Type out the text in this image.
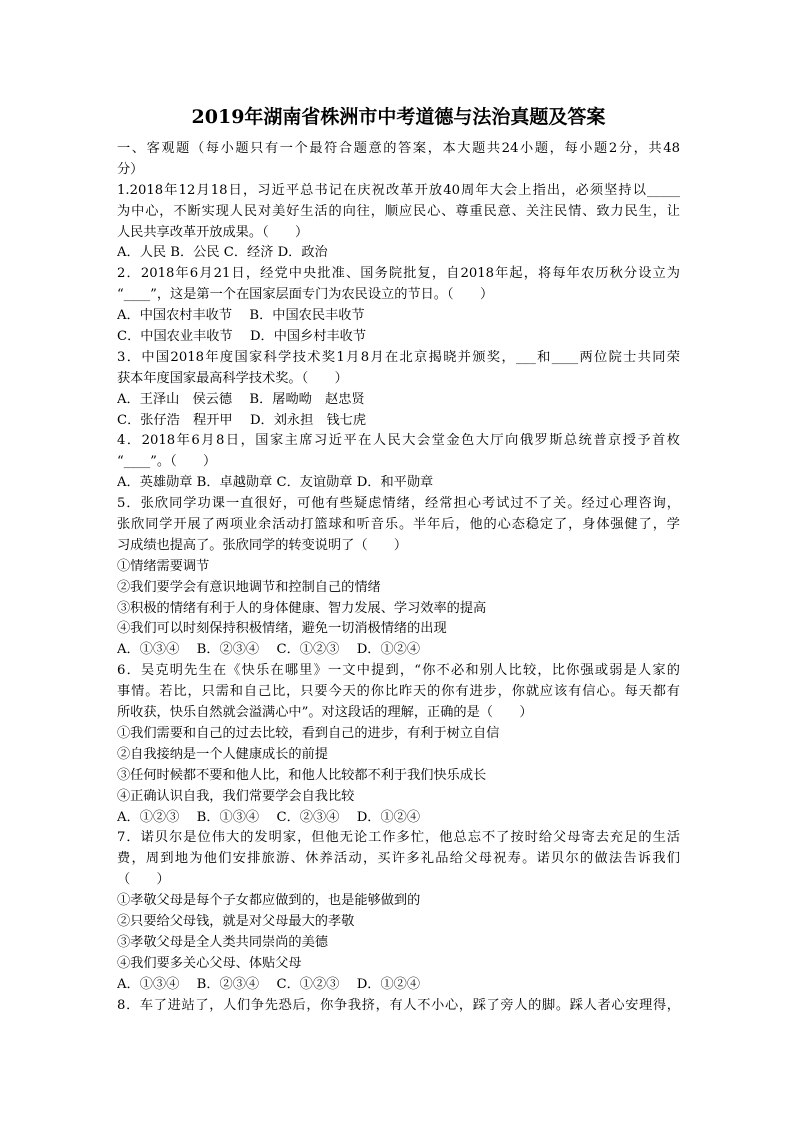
2019年湖南省株洲市中考道德与法治真题及答案
一、客观题（每小题只有一个最符合题意的答案，本大题共24小题，每小题2分，共48
分）
1.2018年12月18日，习近平总书记在庆祝改革开放40周年大会上指出，必须坚持以_____
为中心，不断实现人民对美好生活的向往，顺应民心、尊重民意、关注民情、致力民生，让
人民共享改革开放成果。（　　）
A．人民 B．公民 C．经济 D．政治
2．2018年6月21日，经党中央批准、国务院批复，自2018年起，将每年农历秋分设立为
“____”，这是第一个在国家层面专门为农民设立的节日。（　　）
A．中国农村丰收节　 B．中国农民丰收节
C．中国农业丰收节　 D．中国乡村丰收节
3．中国2018年度国家科学技术奖1月8月在北京揭晓并颁奖，___和____两位院士共同荣
获本年度国家最高科学技术奖。（　　）
A．王泽山　侯云德　 B．屠呦呦　赵忠贤
C．张仔浩　程开甲　 D．刘永担　钱七虎
4．2018年6月8日，国家主席习近平在人民大会堂金色大厅向俄罗斯总统普京授予首枚
“____”。（　　）
A．英雄勋章 B．卓越勋章 C．友谊勋章 D．和平勋章
5．张欣同学功课一直很好，可他有些疑虑情绪，经常担心考试过不了关。经过心理咨询，
张欣同学开展了两项业余活动打篮球和听音乐。半年后，他的心态稳定了，身体强健了，学
习成绩也提高了。张欣同学的转变说明了（　　）
①情绪需要调节
②我们要学会有意识地调节和控制自己的情绪
③积极的情绪有利于人的身体健康、智力发展、学习效率的提高
④我们可以时刻保持积极情绪，避免一切消极情绪的出现
A．①③④　 B．②③④　 C．①②③　 D．①②④
6．吴克明先生在《快乐在哪里》一文中提到，“你不必和别人比较，比你强或弱是人家的
事情。若比，只需和自己比，只要今天的你比昨天的你有进步，你就应该有信心。每天都有
所收获，快乐自然就会溢满心中”。对这段话的理解，正确的是（　　）
①我们需要和自己的过去比较，看到自己的进步，有利于树立自信
②自我接纳是一个人健康成长的前提
③任何时候都不要和他人比，和他人比较都不利于我们快乐成长
④正确认识自我，我们常要学会自我比较
A．①②③　 B．①③④　 C．②③④　 D．①②④
7．诺贝尔是位伟大的发明家，但他无论工作多忙，他总忘不了按时给父母寄去充足的生活
费，周到地为他们安排旅游、休养活动，买许多礼品给父母祝寿。诺贝尔的做法告诉我们
（　　）
①孝敬父母是每个子女都应做到的，也是能够做到的
②只要给父母钱，就是对父母最大的孝敬
③孝敬父母是全人类共同崇尚的美德
④我们要多关心父母、体贴父母
A．①③④　 B．②③④　 C．①②③　 D．①②④
8．车了进站了，人们争先恐后，你争我挤，有人不小心，踩了旁人的脚。踩人者心安理得，
